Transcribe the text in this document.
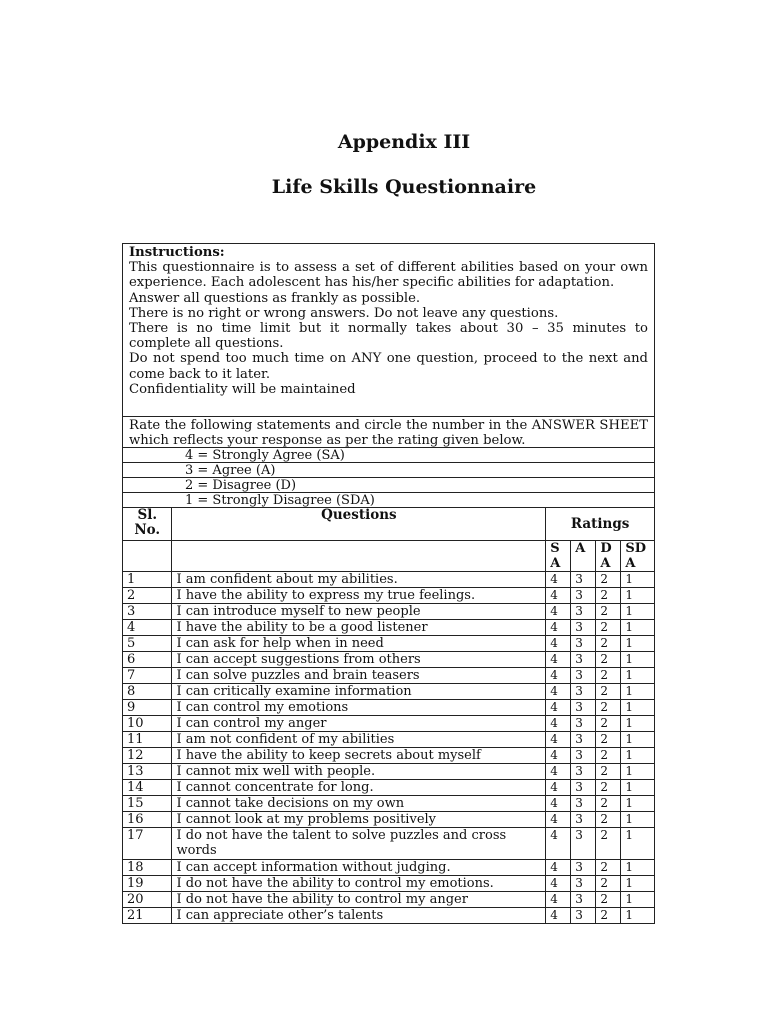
Appendix III
Life Skills Questionnaire
Instructions:

This questionnaire is to assess a set of different abilities based on your own experience. Each adolescent has his/her specific abilities for adaptation.

Answer all questions as frankly as possible.

There is no right or wrong answers. Do not leave any questions.

There is no time limit but it normally takes about 30 – 35 minutes to complete all questions.

Do not spend too much time on ANY one question, proceed to the next and come back to it later.

Confidentiality will be maintained

Rate the following statements and circle the number in the ANSWER SHEET which reflects your response as per the rating given below.
4 = Strongly Agree (SA)
3 = Agree (A)
2 = Disagree (D)
1 = Strongly Disagree (SDA)
Sl. No.	Questions	Ratings			
		S A	A	D A	SD A
1	I am confident about my abilities.	4	3	2	1
2	I have the ability to express my true feelings.	4	3	2	1
3	I can introduce myself to new people	4	3	2	1
4	I have the ability to be a good listener	4	3	2	1
5	I can ask for help when in need	4	3	2	1
6	I can accept suggestions from others	4	3	2	1
7	I can solve puzzles and brain teasers	4	3	2	1
8	I can critically examine information	4	3	2	1
9	I can control my emotions	4	3	2	1
10	I can control my anger	4	3	2	1
11	I am not confident of my abilities	4	3	2	1
12	I have the ability to keep secrets about myself	4	3	2	1
13	I cannot mix well with people.	4	3	2	1
14	I cannot concentrate for long.	4	3	2	1
15	I cannot take decisions on my own	4	3	2	1
16	I cannot look at my problems positively	4	3	2	1
17	I do not have the talent to solve puzzles and cross words	4	3	2	1
18	I can accept information without judging.	4	3	2	1
19	I do not have the ability to control my emotions.	4	3	2	1
20	I do not have the ability to control my anger	4	3	2	1
21	I can appreciate other’s talents	4	3	2	1
